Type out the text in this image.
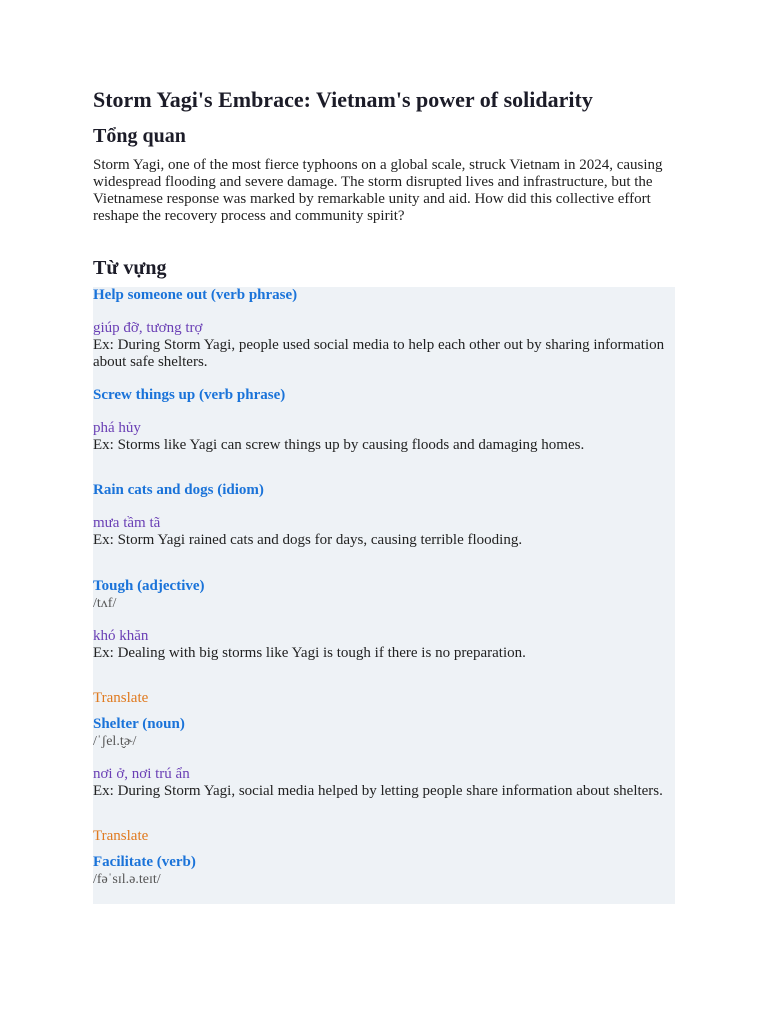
Storm Yagi's Embrace: Vietnam's power of solidarity
Tổng quan

Storm Yagi, one of the most fierce typhoons on a global scale, struck Vietnam in 2024, causing widespread flooding and severe damage. The storm disrupted lives and infrastructure, but the Vietnamese response was marked by remarkable unity and aid. How did this collective effort reshape the recovery process and community spirit?

Từ vựng
Help someone out (verb phrase)
giúp đỡ, tương trợ
Ex: During Storm Yagi, people used social media to help each other out by sharing information about safe shelters.
Screw things up (verb phrase)
phá hủy
Ex: Storms like Yagi can screw things up by causing floods and damaging homes.
Rain cats and dogs (idiom)
mưa tầm tã
Ex: Storm Yagi rained cats and dogs for days, causing terrible flooding.
Tough (adjective)
/tʌf/
khó khăn
Ex: Dealing with big storms like Yagi is tough if there is no preparation.
Translate
Shelter (noun)
/ˈʃel.t̬ɚ/
nơi ở, nơi trú ẩn
Ex: During Storm Yagi, social media helped by letting people share information about shelters.
Translate
Facilitate (verb)
/fəˈsɪl.ə.teɪt/
